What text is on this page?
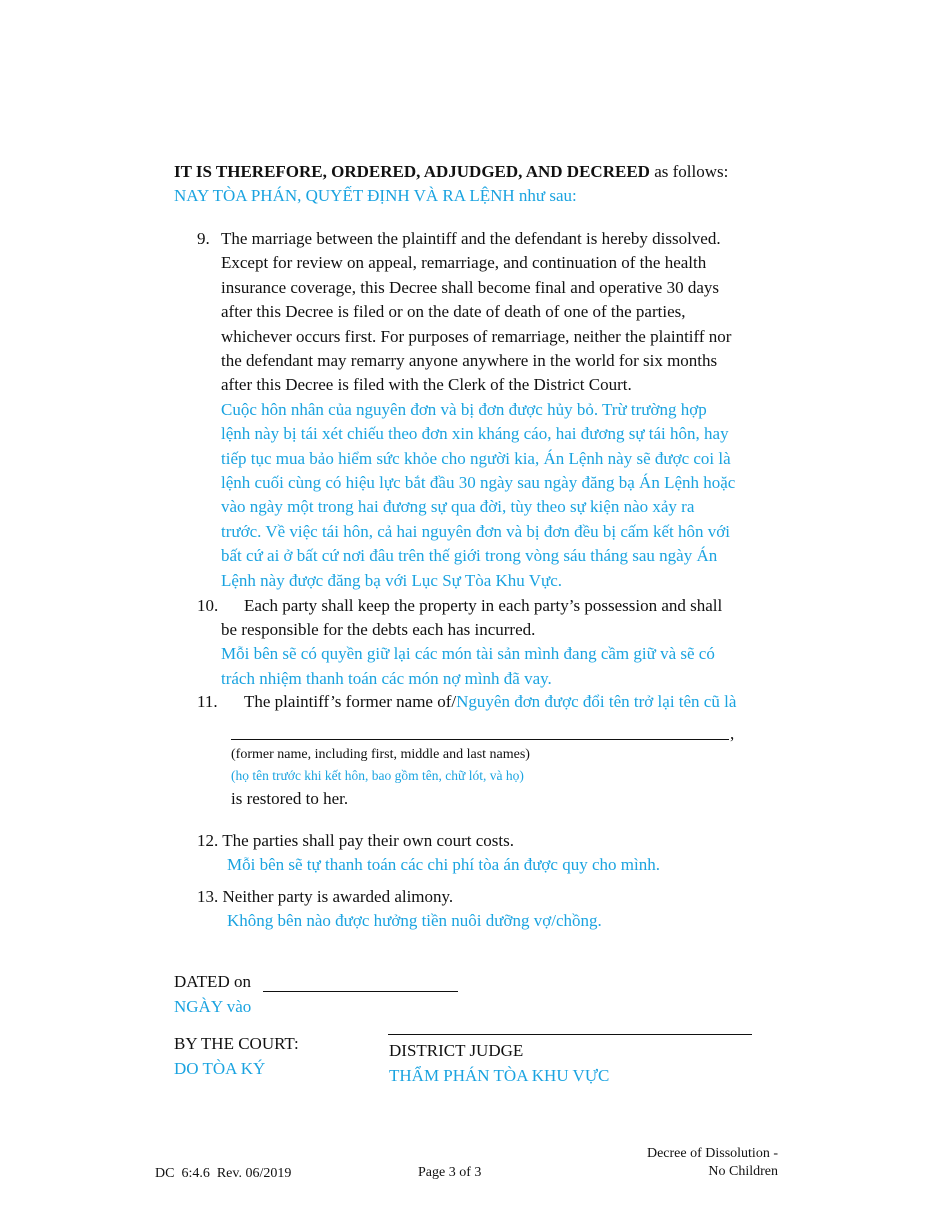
IT IS THEREFORE, ORDERED, ADJUDGED, AND DECREED as follows:
NAY TÒA PHÁN, QUYẾT ĐỊNH VÀ RA LỆNH như sau:
9. The marriage between the plaintiff and the defendant is hereby dissolved.
Except for review on appeal, remarriage, and continuation of the health
insurance coverage, this Decree shall become final and operative 30 days
after this Decree is filed or on the date of death of one of the parties,
whichever occurs first. For purposes of remarriage, neither the plaintiff nor
the defendant may remarry anyone anywhere in the world for six months
after this Decree is filed with the Clerk of the District Court.
Cuộc hôn nhân của nguyên đơn và bị đơn được hủy bỏ. Trừ trường hợp
lệnh này bị tái xét chiếu theo đơn xin kháng cáo, hai đương sự tái hôn, hay
tiếp tục mua bảo hiểm sức khỏe cho người kia, Án Lệnh này sẽ được coi là
lệnh cuối cùng có hiệu lực bắt đầu 30 ngày sau ngày đăng bạ Án Lệnh hoặc
vào ngày một trong hai đương sự qua đời, tùy theo sự kiện nào xảy ra
trước. Về việc tái hôn, cả hai nguyên đơn và bị đơn đều bị cấm kết hôn với
bất cứ ai ở bất cứ nơi đâu trên thế giới trong vòng sáu tháng sau ngày Án
Lệnh này được đăng bạ với Lục Sự Tòa Khu Vực.
10. Each party shall keep the property in each party’s possession and shall
be responsible for the debts each has incurred.
Mỗi bên sẽ có quyền giữ lại các món tài sản mình đang cầm giữ và sẽ có
trách nhiệm thanh toán các món nợ mình đã vay.
11. The plaintiff’s former name of/Nguyên đơn được đổi tên trở lại tên cũ là
,
(former name, including first, middle and last names)
(họ tên trước khi kết hôn, bao gồm tên, chữ lót, và họ)
is restored to her.
12. The parties shall pay their own court costs.
Mỗi bên sẽ tự thanh toán các chi phí tòa án được quy cho mình.
13. Neither party is awarded alimony.
Không bên nào được hưởng tiền nuôi dưỡng vợ/chồng.
DATED on
NGÀY vào
BY THE COURT:
DO TÒA KÝ
DISTRICT JUDGE
THẨM PHÁN TÒA KHU VỰC
DC  6:4.6  Rev. 06/2019	Page 3 of 3
Decree of Dissolution -
No Children
